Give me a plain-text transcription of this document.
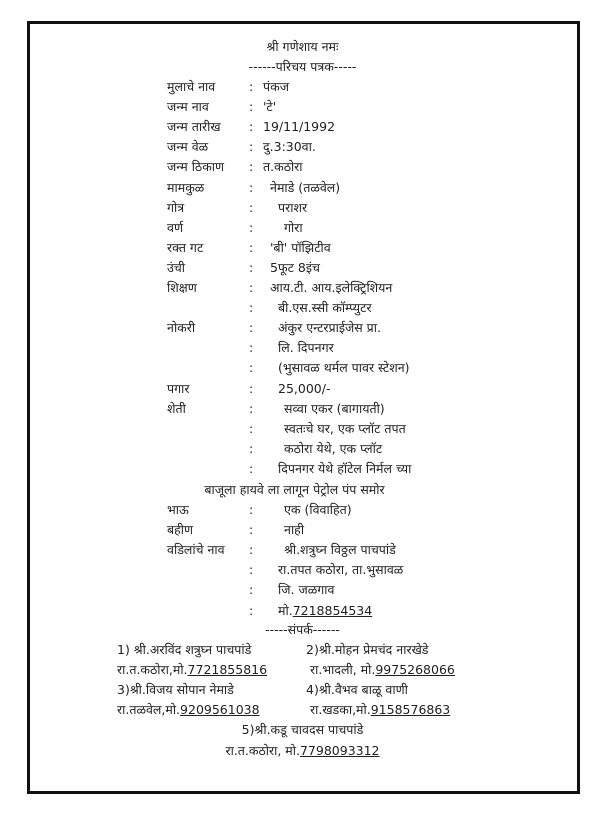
श्री गणेशाय नमः
------परिचय पत्रक-----
मुलाचे नाव	: पंकज
जन्म नाव	: 'टे'
जन्म तारीख : 19/11/1992
जन्म वेळ	: दु.3:30वा.
जन्म ठिकाण : त.कठोरा
मामकुळ	: नेमाडे (तळवेल)
गोत्र	: पराशर
वर्ण	: गोरा
रक्त गट	: 'बी' पॉझिटीव
उंची	: 5फूट 8इंच
शिक्षण	: आय.टी. आय.इलेक्ट्रिशियन
: बी.एस.स्सी कॉम्प्युटर
नोकरी	: अंकुर एन्टरप्राईजेस प्रा.
: लि. दिपनगर
: (भुसावळ थर्मल पावर स्टेशन)
पगार	: 25,000/-
शेती	: सव्वा एकर (बागायती)
: स्वतःचे घर, एक प्लॉट तपत
: कठोरा येथे, एक प्लॉट
: दिपनगर येथे हॉटेल निर्मल च्या
भाऊ	: एक (विवाहित)
बहीण	: नाही
वडिलांचे नाव : श्री.शत्रुघ्न विठ्ठल पाचपांडे
: रा.तपत कठोरा, ता.भुसावळ
: जि. जळगाव
: मो.7218854534
बाजूला हायवे ला लागून पेट्रोल पंप समोर
-----संपर्क------
1) श्री.अरविंद शत्रुघ्न पाचपांडे	2)श्री.मोहन प्रेमचंद नारखेडे
रा.त.कठोरा,मो.7721855816	रा.भादली, मो.9975268066
3)श्री.विजय सोपान नेमाडे	4)श्री.वैभव बाळू वाणी
रा.तळवेल,मो.9209561038	रा.खडका,मो.9158576863
5)श्री.कडू चावदस पाचपांडे
रा.त.कठोरा, मो.7798093312
